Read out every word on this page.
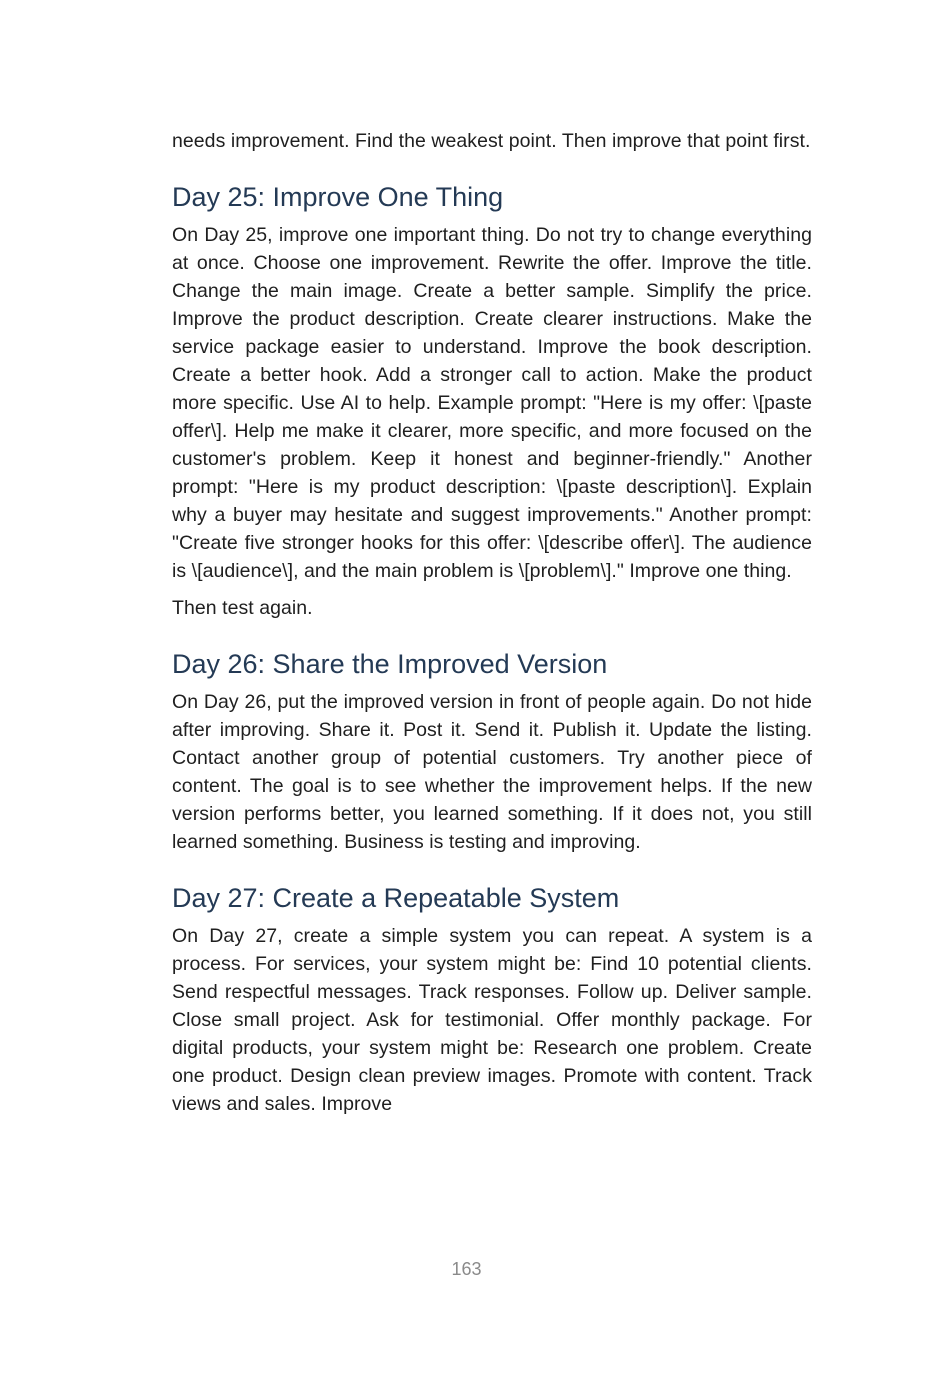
needs improvement. Find the weakest point. Then improve that point first.

Day 25: Improve One Thing

On Day 25, improve one important thing. Do not try to change everything at once. Choose one improvement. Rewrite the offer. Improve the title. Change the main image. Create a better sample. Simplify the price. Improve the product description. Create clearer instructions. Make the service package easier to understand. Improve the book description. Create a better hook. Add a stronger call to action. Make the product more specific. Use AI to help. Example prompt: "Here is my offer: \[paste offer\]. Help me make it clearer, more specific, and more focused on the customer's problem. Keep it honest and beginner-friendly." Another prompt: "Here is my product description: \[paste description\]. Explain why a buyer may hesitate and suggest improvements." Another prompt: "Create five stronger hooks for this offer: \[describe offer\]. The audience is \[audience\], and the main problem is \[problem\]." Improve one thing.

Then test again.

Day 26: Share the Improved Version

On Day 26, put the improved version in front of people again. Do not hide after improving. Share it. Post it. Send it. Publish it. Update the listing. Contact another group of potential customers. Try another piece of content. The goal is to see whether the improvement helps. If the new version performs better, you learned something. If it does not, you still learned something. Business is testing and improving.

Day 27: Create a Repeatable System

On Day 27, create a simple system you can repeat. A system is a process. For services, your system might be: Find 10 potential clients. Send respectful messages. Track responses. Follow up. Deliver sample. Close small project. Ask for testimonial. Offer monthly package. For digital products, your system might be: Research one problem. Create one product. Design clean preview images. Promote with content. Track views and sales. Improve

163
